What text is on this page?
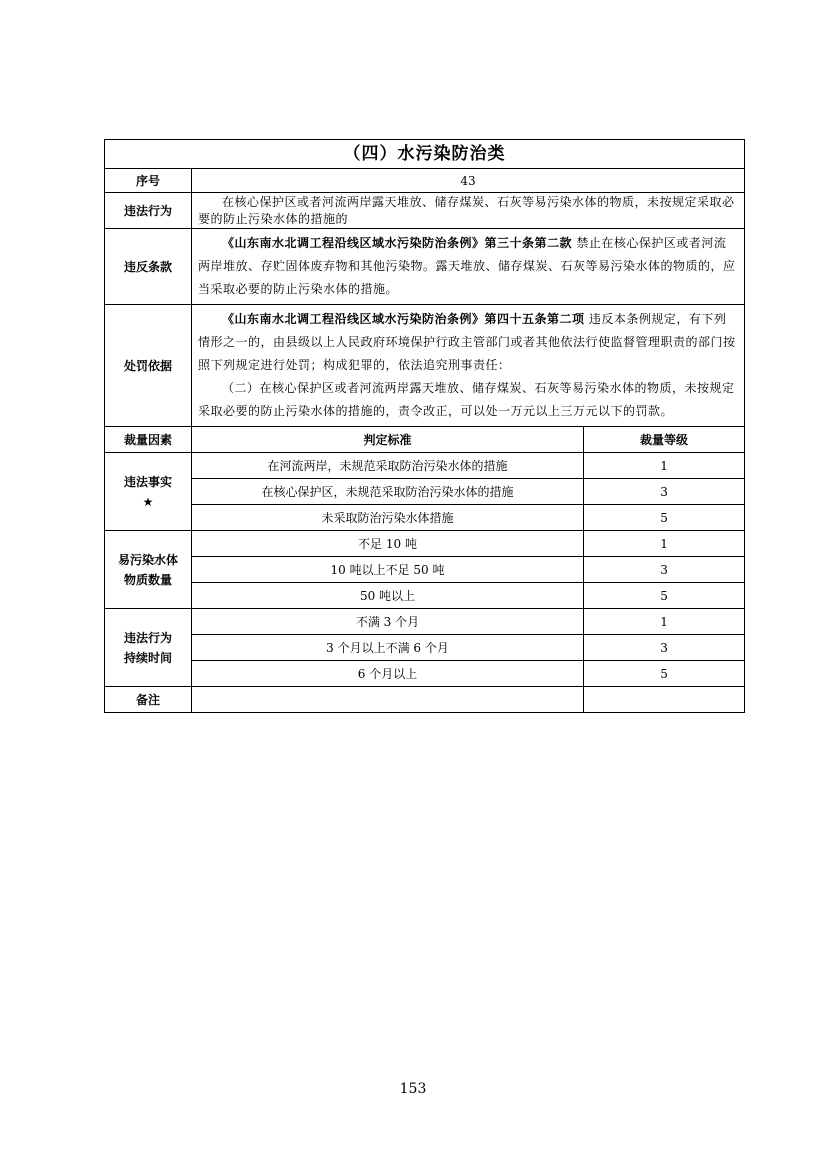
（四）水污染防治类		
序号	43	
违法行为	在核心保护区或者河流两岸露天堆放、储存煤炭、石灰等易污染水体的物质，未按规定采取必要的防止污染水体的措施的	
违反条款	《山东南水北调工程沿线区域水污染防治条例》第三十条第二款 禁止在核心保护区或者河流两岸堆放、存贮固体废弃物和其他污染物。露天堆放、储存煤炭、石灰等易污染水体的物质的，应当采取必要的防止污染水体的措施。	

处罚依据	《山东南水北调工程沿线区域水污染防治条例》第四十五条第二项 违反本条例规定，有下列情形之一的，由县级以上人民政府环境保护行政主管部门或者其他依法行使监督管理职责的部门按照下列规定进行处罚；构成犯罪的，依法追究刑事责任：
（二）在核心保护区或者河流两岸露天堆放、储存煤炭、石灰等易污染水体的物质，未按规定采取必要的防止污染水体的措施的，责令改正，可以处一万元以上三万元以下的罚款。	

裁量因素	判定标准	裁量等级

违法事实
★	在河流两岸，未规范采取防治污染水体的措施	1
	在核心保护区，未规范采取防治污染水体的措施	3
	未采取防治污染水体措施	5

易污染水体
物质数量	不足 10 吨	1
	10 吨以上不足 50 吨	3
	50 吨以上	5

违法行为
持续时间	不满 3 个月	1
	3 个月以上不满 6 个月	3
	6 个月以上	5
备注		
153
